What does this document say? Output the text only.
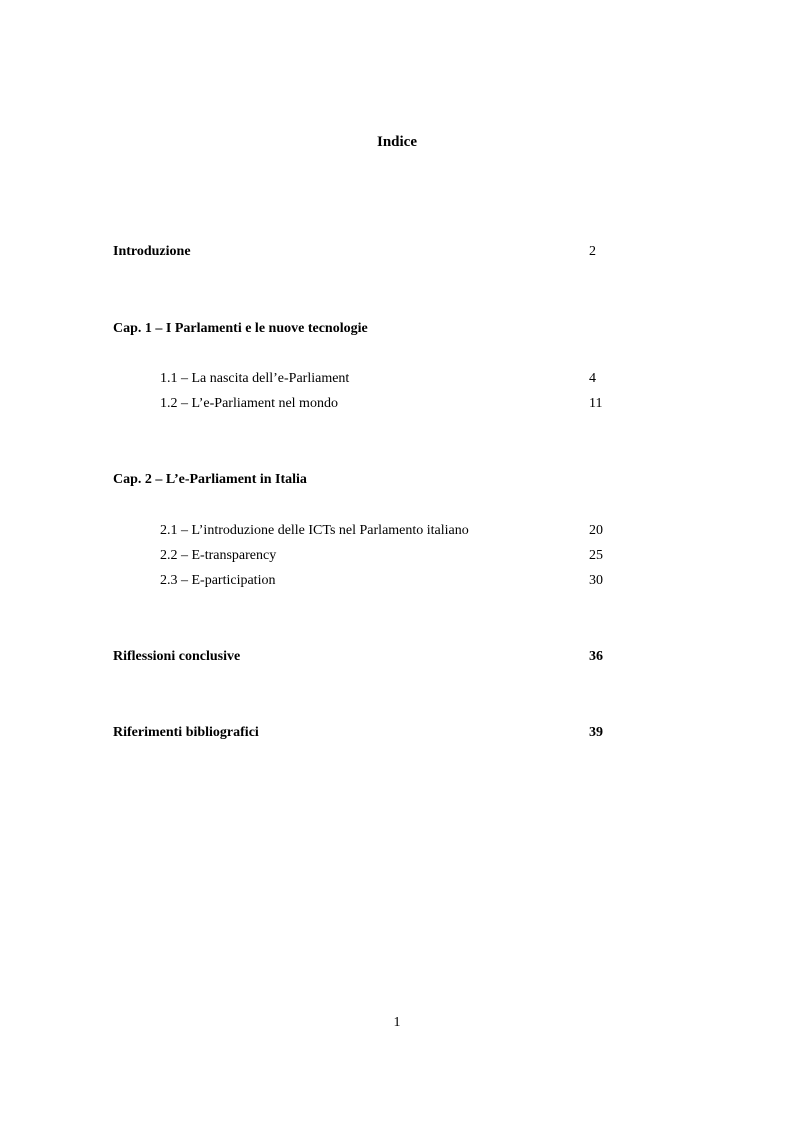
Indice
Introduzione	2
Cap. 1 – I Parlamenti e le nuove tecnologie
1.1 – La nascita dell’e-Parliament	4
1.2 – L’e-Parliament nel mondo	11
Cap. 2 – L’e-Parliament in Italia
2.1 – L’introduzione delle ICTs nel Parlamento italiano	20
2.2 – E-transparency	25
2.3 – E-participation	30
Riflessioni conclusive	36
Riferimenti bibliografici	39
1
